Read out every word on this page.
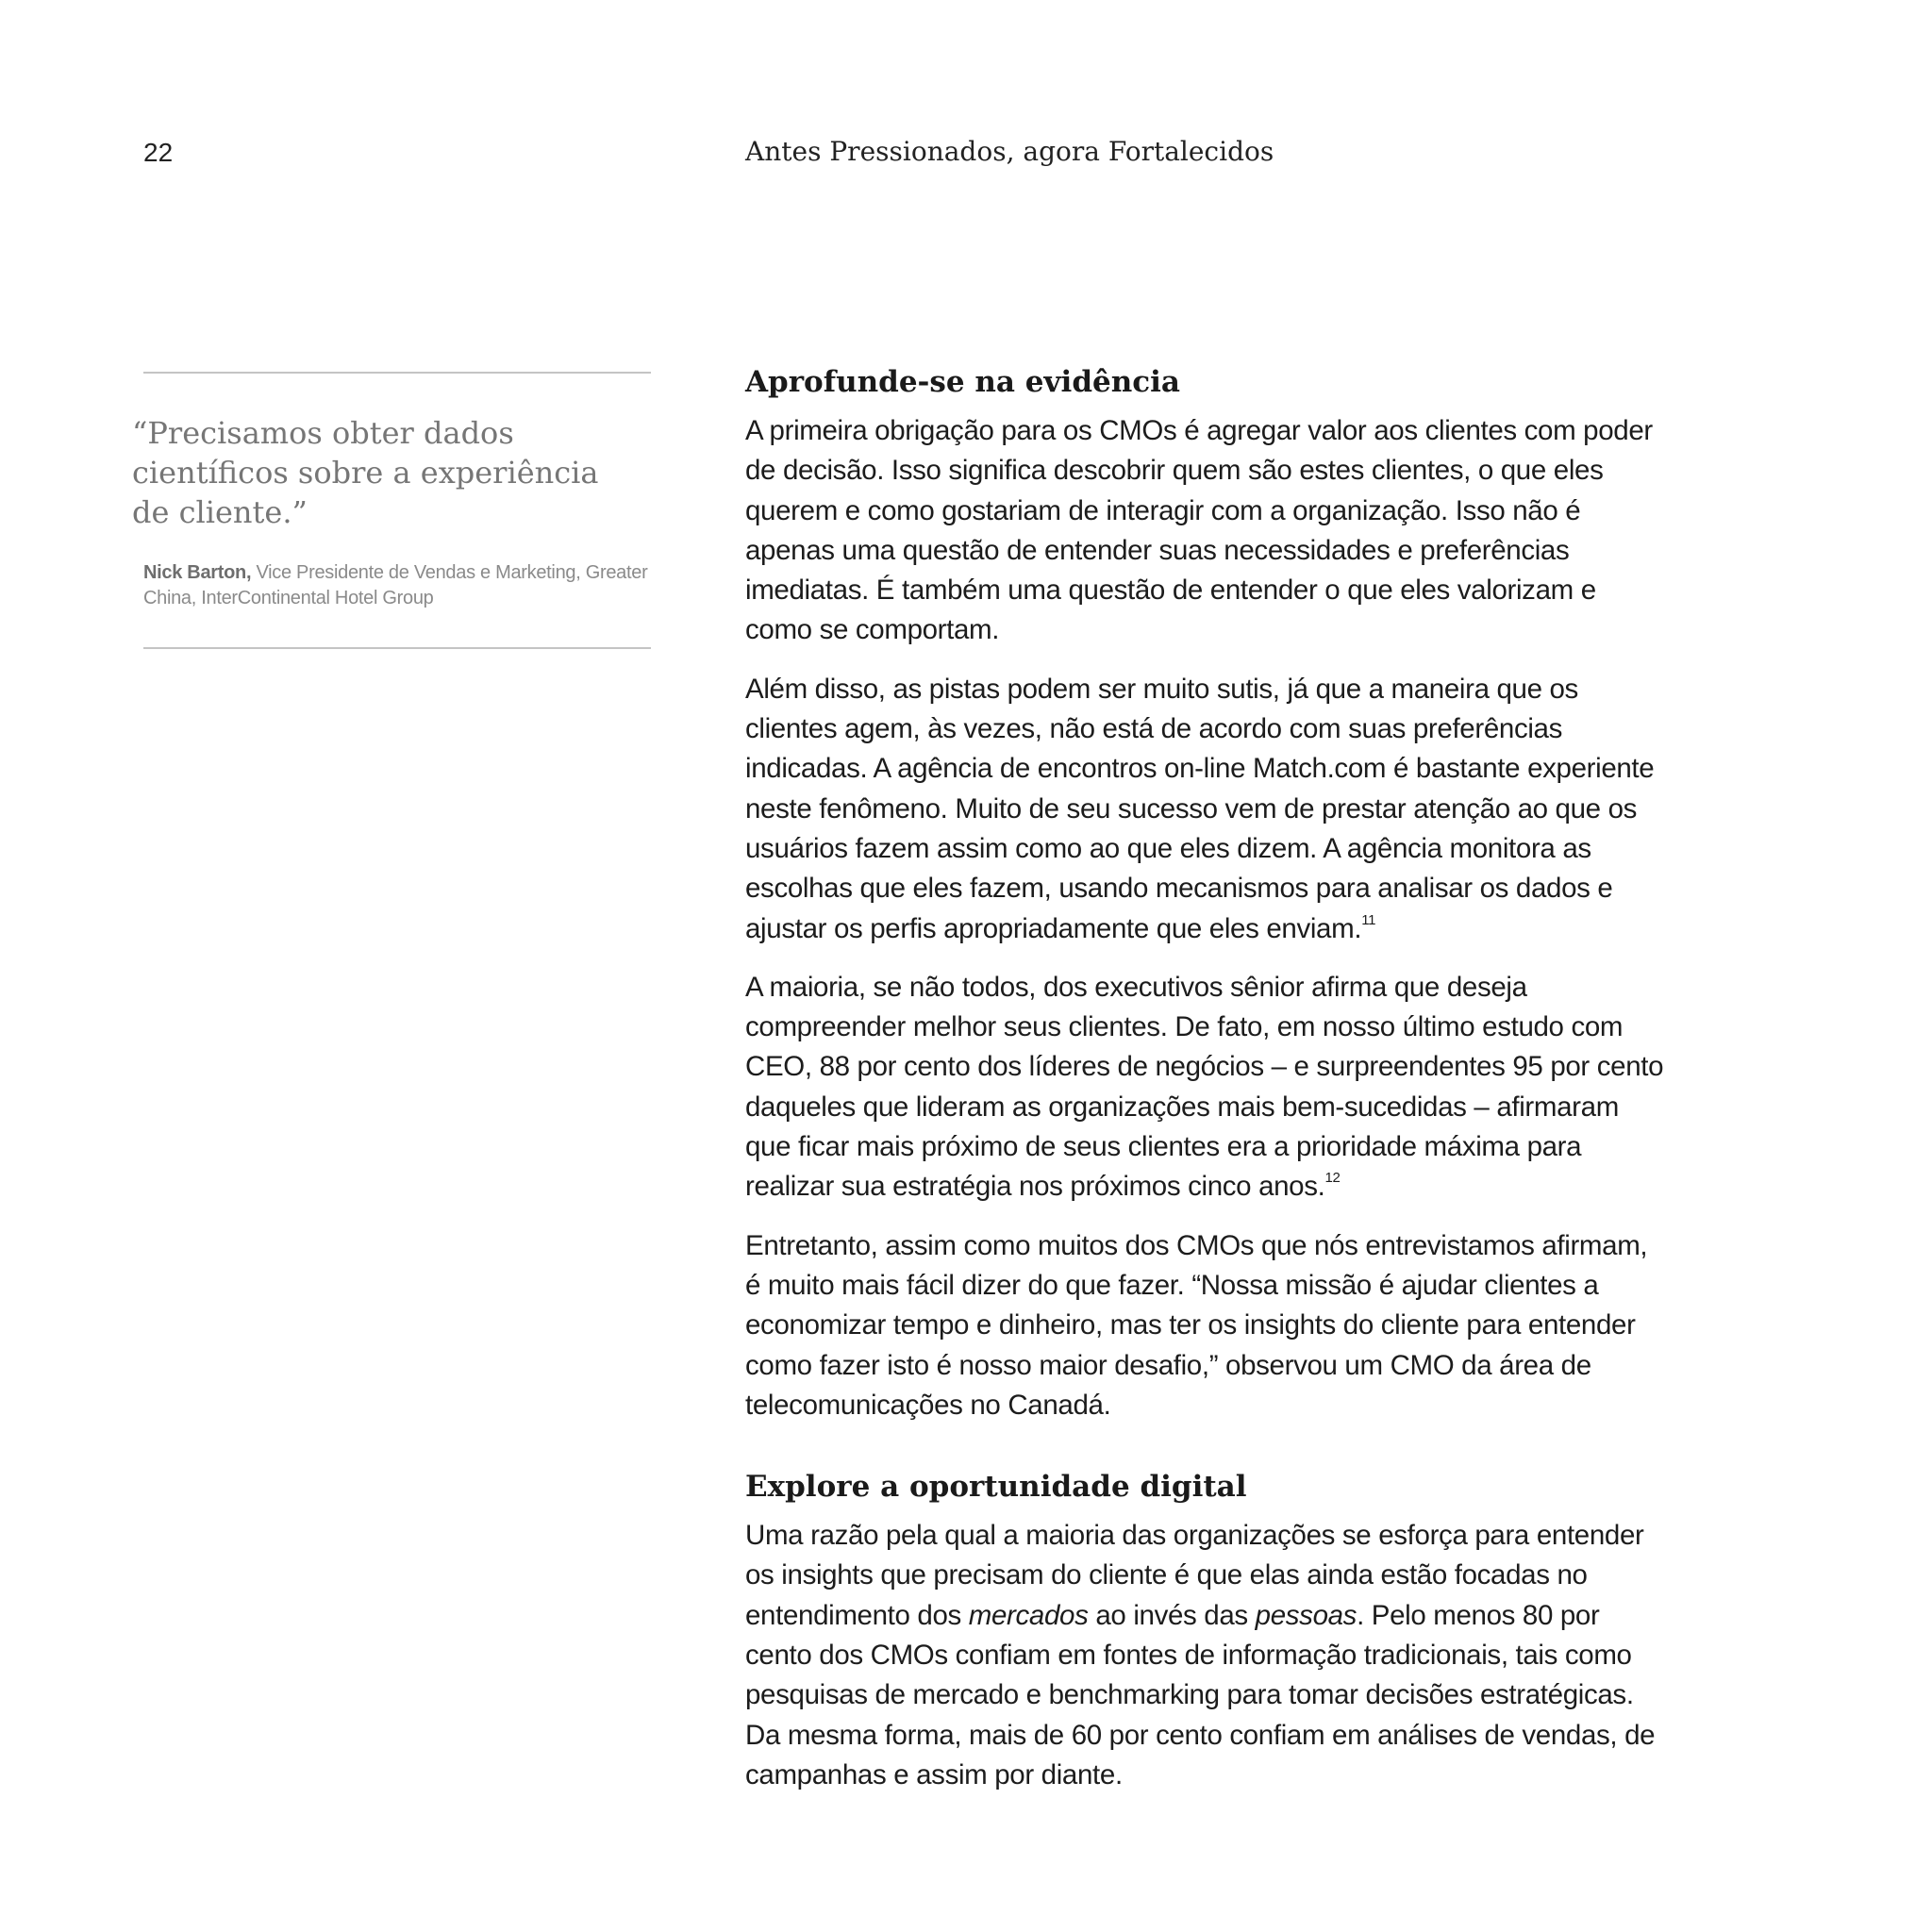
22	Antes Pressionados, agora Fortalecidos

“Precisamos obter dados científicos sobre a experiência de cliente.”

Nick Barton, Vice Presidente de Vendas e Marketing, Greater China, InterContinental Hotel Group
Aprofunde-se na evidência

A primeira obrigação para os CMOs é agregar valor aos clientes com poder de decisão. Isso significa descobrir quem são estes clientes, o que eles querem e como gostariam de interagir com a organização. Isso não é apenas uma questão de entender suas necessidades e preferências imediatas. É também uma questão de entender o que eles valorizam e como se comportam.

Além disso, as pistas podem ser muito sutis, já que a maneira que os clientes agem, às vezes, não está de acordo com suas preferências indicadas. A agência de encontros on-line Match.com é bastante experiente neste fenômeno. Muito de seu sucesso vem de prestar atenção ao que os usuários fazem assim como ao que eles dizem. A agência monitora as escolhas que eles fazem, usando mecanismos para analisar os dados e ajustar os perfis apropriadamente que eles enviam.$^{11}$

A maioria, se não todos, dos executivos sênior afirma que deseja compreender melhor seus clientes. De fato, em nosso último estudo com CEO, 88 por cento dos líderes de negócios – e surpreendentes 95 por cento daqueles que lideram as organizações mais bem-sucedidas – afirmaram que ficar mais próximo de seus clientes era a prioridade máxima para realizar sua estratégia nos próximos cinco anos.$^{12}$

Entretanto, assim como muitos dos CMOs que nós entrevistamos afirmam, é muito mais fácil dizer do que fazer. “Nossa missão é ajudar clientes a economizar tempo e dinheiro, mas ter os insights do cliente para entender como fazer isto é nosso maior desafio,” observou um CMO da área de telecomunicações no Canadá.

Explore a oportunidade digital

Uma razão pela qual a maioria das organizações se esforça para entender os insights que precisam do cliente é que elas ainda estão focadas no entendimento dos mercados ao invés das pessoas. Pelo menos 80 por cento dos CMOs confiam em fontes de informação tradicionais, tais como pesquisas de mercado e benchmarking para tomar decisões estratégicas. Da mesma forma, mais de 60 por cento confiam em análises de vendas, de campanhas e assim por diante.
